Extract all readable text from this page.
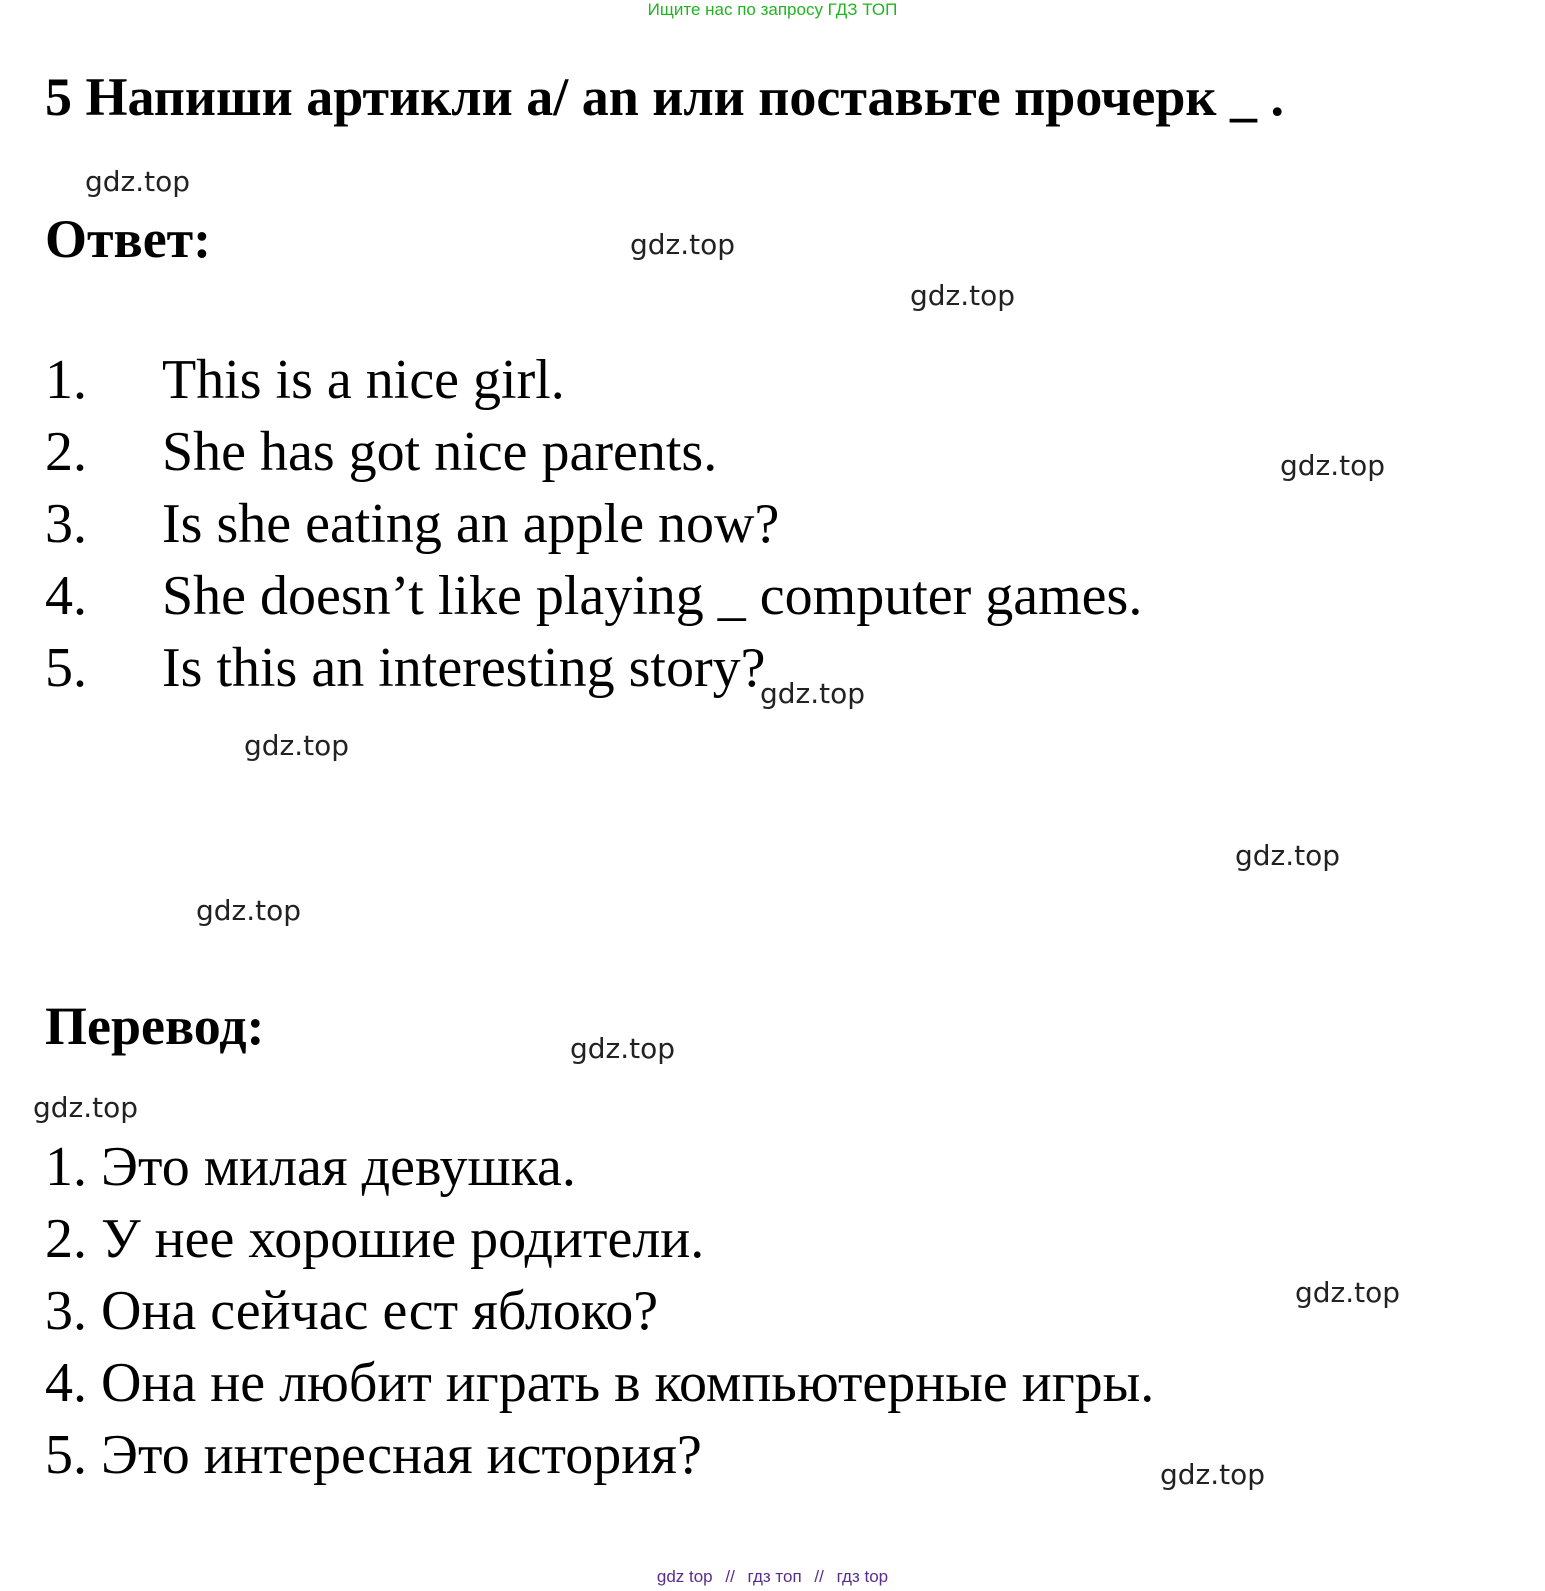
Ищите нас по запросу ГДЗ ТОП
5 Напиши артикли a/ an или поставьте прочерк _ .
Ответ:
1. This is a nice girl.
2. She has got nice parents.
3. Is she eating an apple now?
4. She doesn’t like playing _ computer games.
5. Is this an interesting story?
Перевод:
1. Это милая девушка.
2. У нее хорошие родители.
3. Она сейчас ест яблоко?
4. Она не любит играть в компьютерные игры.
5. Это интересная история?
gdz.top
gdz.top
gdz.top
gdz.top
gdz.top
gdz.top
gdz.top
gdz.top
gdz.top
gdz.top
gdz.top
gdz.top
gdz top // гдз топ // гдз top
